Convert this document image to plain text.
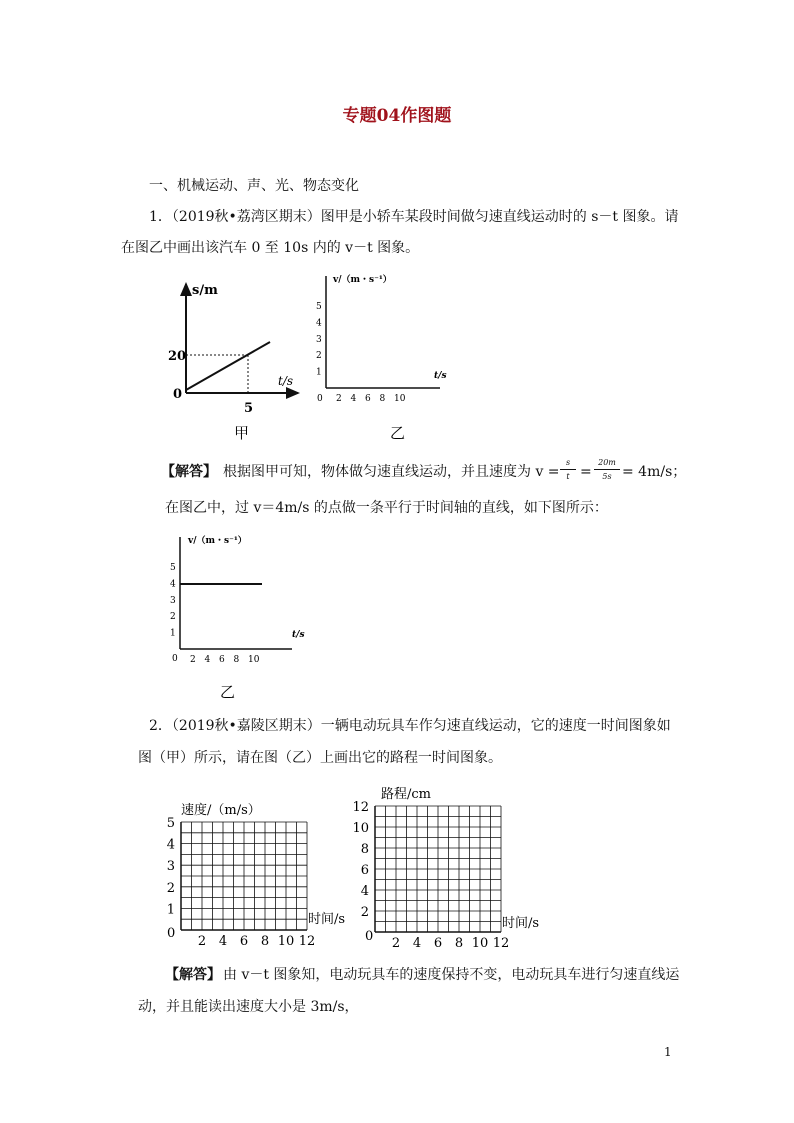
专题04作图题
一、机械运动、声、光、物态变化
1．（2019秋•荔湾区期末）图甲是小轿车某段时间做匀速直线运动时的 s－t 图象。请
在图乙中画出该汽车 0 至 10s 内的 v－t 图象。
s/m
t/s
0
20
5
甲
v/（m・s⁻¹）
t/s
0
乙
1
2
3
4
5
2 4 6 8 10
【解答】 根据图甲可知，物体做匀速直线运动，并且速度为 $v = \frac{s}{t} = \frac{20m}{5s} = 4m/s$；
在图乙中，过 v＝4m/s 的点做一条平行于时间轴的直线，如下图所示：
v/（m・s⁻¹）
t/s
0
乙
1
2
3
4
5
2 4 6 8 10
2．（2019秋•嘉陵区期末）一辆电动玩具车作匀速直线运动，它的速度一时间图象如
图（甲）所示，请在图（乙）上画出它的路程一时间图象。
速度/（m/s）
时间/s
0
1
2
3
4
5
2 4 6 8 10 12
路程/cm
时间/s
0
2
4
6
8
10
12
2 4 6 8 10 12
【解答】 由 v－t 图象知，电动玩具车的速度保持不变，电动玩具车进行匀速直线运
动，并且能读出速度大小是 3m/s，
1
